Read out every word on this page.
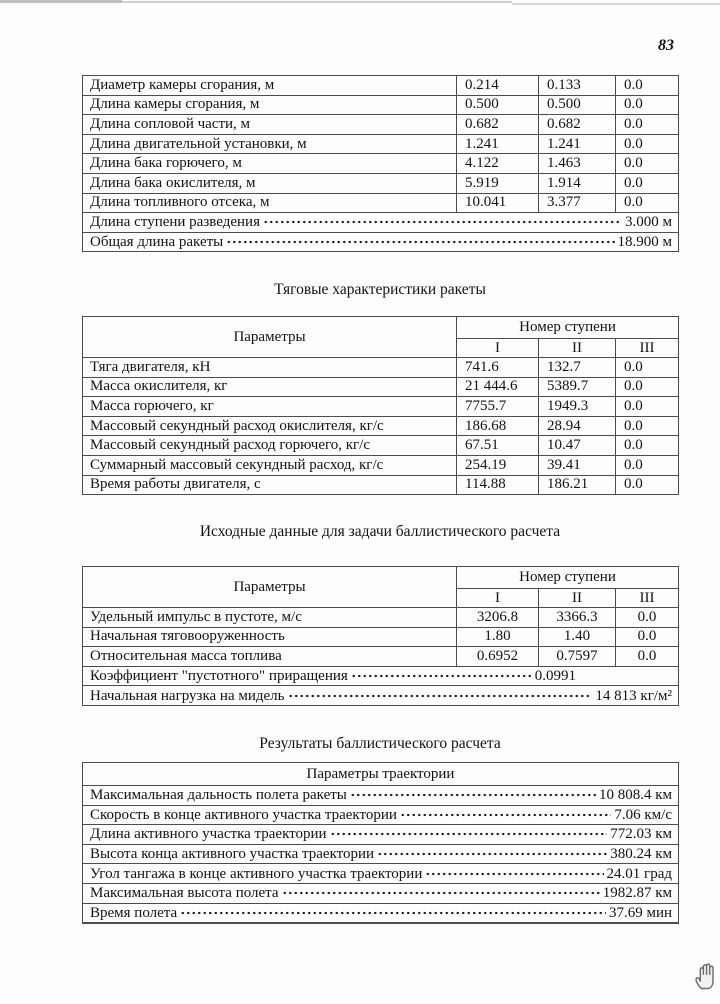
83
Диаметр камеры сгорания, м	0.214	0.133	0.0
Длина камеры сгорания, м	0.500	0.500	0.0
Длина сопловой части, м	0.682	0.682	0.0
Длина двигательной установки, м	1.241	1.241	0.0
Длина бака горючего, м	4.122	1.463	0.0
Длина бака окислителя, м	5.919	1.914	0.0
Длина топливного отсека, м	10.041	3.377	0.0

Длина ступени разведения 3.000 м			

Общая длина ракеты 18.900 м			
Тяговые характеристики ракеты
Параметры	Номер ступени		
	I	II	III
Тяга двигателя, кН	741.6	132.7	0.0
Масса окислителя, кг	21 444.6	5389.7	0.0
Масса горючего, кг	7755.7	1949.3	0.0
Массовый секундный расход окислителя, кг/с	186.68	28.94	0.0
Массовый секундный расход горючего, кг/с	67.51	10.47	0.0
Суммарный массовый секундный расход, кг/с	254.19	39.41	0.0
Время работы двигателя, с	114.88	186.21	0.0
Исходные данные для задачи баллистического расчета
Параметры	Номер ступени		
	I	II	III
Удельный импульс в пустоте, м/с	3206.8	3366.3	0.0
Начальная тяговооруженность	1.80	1.40	0.0
Относительная масса топлива	0.6952	0.7597	0.0

Коэффициент "пустотного" приращения 0.0991			

Начальная нагрузка на мидель 14 813 кг/м²			
Результаты баллистического расчета
Параметры траектории

Максимальная дальность полета ракеты	10 808.4 км

Скорость в конце активного участка траектории	7.06 км/с

Длина активного участка траектории	772.03 км

Высота конца активного участка траектории	380.24 км

Угол тангажа в конце активного участка траектории	24.01 град

Максимальная высота полета	1982.87 км

Время полета	37.69 мин
